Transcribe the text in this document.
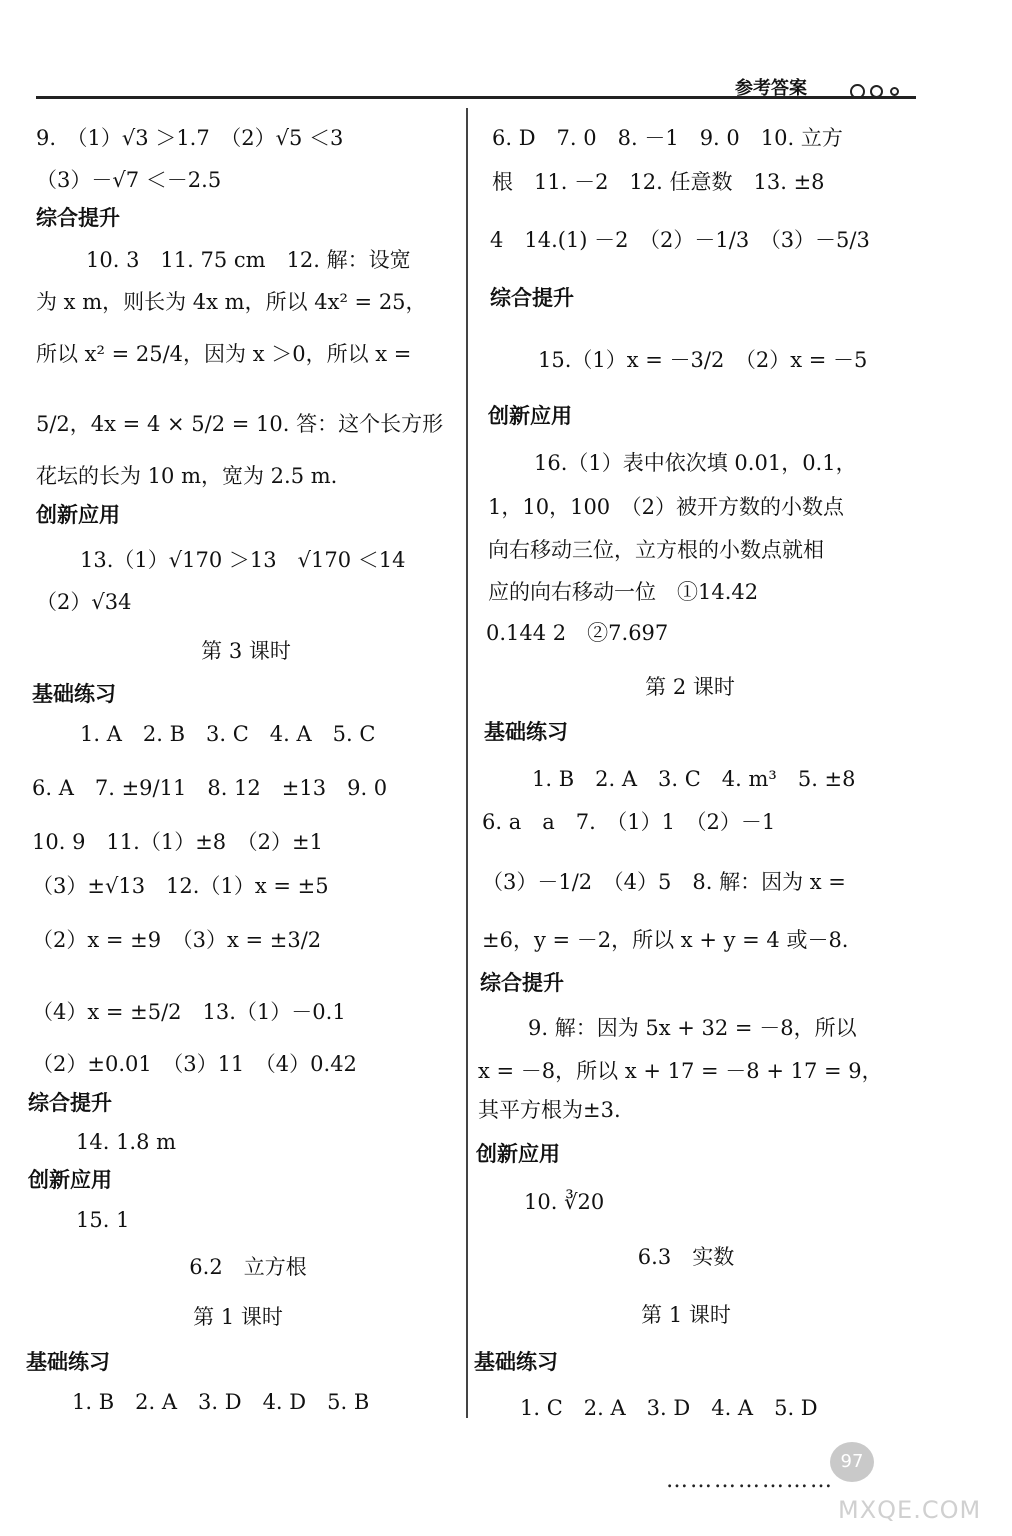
参考答案
9.　（1）√3 ＞1.7　（2）√5 ＜3
（3）－√7 ＜－2.5
综合提升
10. 3　11. 75 cm　12. 解：设宽
为 x m，则长为 4x m，所以 4x² = 25，
所以 x² = 25/4，因为 x ＞0，所以 x =
5/2，4x = 4 × 5/2 = 10. 答：这个长方形
花坛的长为 10 m，宽为 2.5 m.
创新应用
13.（1）√170 ＞13　√170 ＜14
（2）√34
第 3 课时
基础练习
1. A　2. B　3. C　4. A　5. C
6. A　7. ±9/11　8. 12　±13　9. 0
10. 9　11.（1）±8　（2）±1
（3）±√13　12.（1）x = ±5
（2）x = ±9　（3）x = ±3/2
（4）x = ±5/2　13.（1）－0.1
（2）±0.01　（3）11　（4）0.42
综合提升
14. 1.8 m
创新应用
15. 1
6.2　立方根
第 1 课时
基础练习
1. B　2. A　3. D　4. D　5. B
6. D　7. 0　8. －1　9. 0　10. 立方
根　11. －2　12. 任意数　13. ±8
4　14.(1) －2　（2）－1/3　（3）－5/3
综合提升
15.（1）x = －3/2　（2）x = －5
创新应用
16.（1）表中依次填 0.01，0.1，
1，10，100　（2）被开方数的小数点
向右移动三位，立方根的小数点就相
应的向右移动一位　①14.42
0.144 2　②7.697
第 2 课时
基础练习
1. B　2. A　3. C　4. m³　5. ±8
6. a　a　7.　（1）1　（2）－1
（3）－1/2　（4）5　8. 解：因为 x =
±6，y = －2，所以 x + y = 4 或－8.
综合提升
9. 解：因为 5x + 32 = －8，所以
x = －8，所以 x + 17 = －8 + 17 = 9，
其平方根为±3.
创新应用
10. ∛20
6.3　实数
第 1 课时
基础练习
1. C　2. A　3. D　4. A　5. D
97
…………………
MXQE.COM
